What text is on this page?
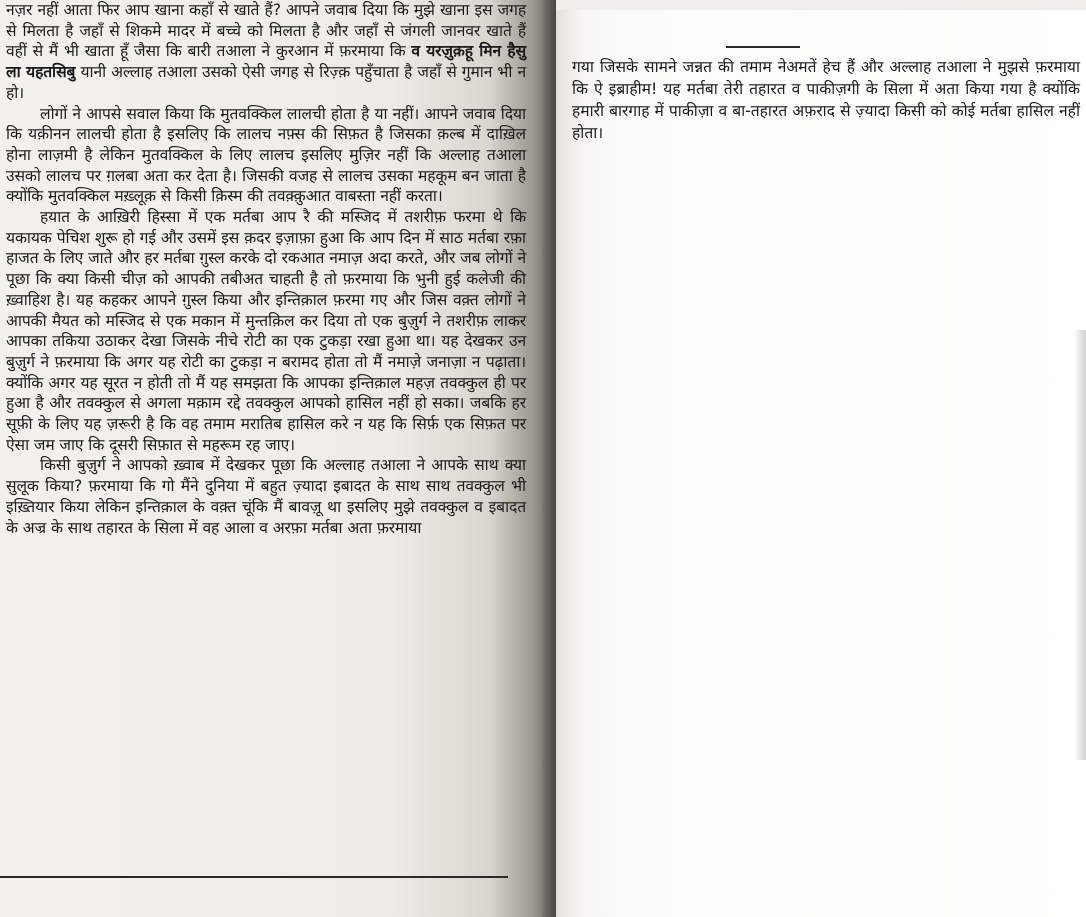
नज़र नहीं आता फिर आप खाना कहाँ से खाते हैं? आपने जवाब दिया कि मुझे खाना इस जगह से मिलता है जहाँ से शिकमे मादर में बच्चे को मिलता है और जहाँ से जंगली जानवर खाते हैं वहीं से मैं भी खाता हूँ जैसा कि बारी तआला ने कुरआन में फ़रमाया कि व यरज़ुक़हू मिन हैसु ला यहतसिबु यानी अल्लाह तआला उसको ऐसी जगह से रिज़्क़ पहुँचाता है जहाँ से गुमान भी न हो।

लोगों ने आपसे सवाल किया कि मुतवक्किल लालची होता है या नहीं। आपने जवाब दिया कि यक़ीनन लालची होता है इसलिए कि लालच नफ़्स की सिफ़त है जिसका क़ल्ब में दाख़िल होना लाज़मी है लेकिन मुतवक्किल के लिए लालच इसलिए मुज़िर नहीं कि अल्लाह तआला उसको लालच पर ग़लबा अता कर देता है। जिसकी वजह से लालच उसका महकूम बन जाता है क्योंकि मुतवक्किल मख़्लूक़ से किसी क़िस्म की तवक़्क़ुआत वाबस्ता नहीं करता।

हयात के आख़िरी हिस्सा में एक मर्तबा आप रै की मस्जिद में तशरीफ़ फरमा थे कि यकायक पेचिश शुरू हो गई और उसमें इस क़दर इज़ाफ़ा हुआ कि आप दिन में साठ मर्तबा रफ़ा हाजत के लिए जाते और हर मर्तबा ग़ुस्ल करके दो रकआत नमाज़ अदा करते, और जब लोगों ने पूछा कि क्या किसी चीज़ को आपकी तबीअत चाहती है तो फ़रमाया कि भुनी हुई कलेजी की ख़्वाहिश है। यह कहकर आपने ग़ुस्ल किया और इन्तिक़ाल फ़रमा गए और जिस वक़्त लोगों ने आपकी मैयत को मस्जिद से एक मकान में मुन्तक़िल कर दिया तो एक बुज़ुर्ग ने तशरीफ़ लाकर आपका तकिया उठाकर देखा जिसके नीचे रोटी का एक टुकड़ा रखा हुआ था। यह देखकर उन बुज़ुर्ग ने फ़रमाया कि अगर यह रोटी का टुकड़ा न बरामद होता तो मैं नमाज़े जनाज़ा न पढ़ाता। क्योंकि अगर यह सूरत न होती तो मैं यह समझता कि आपका इन्तिक़ाल महज़ तवक्कुल ही पर हुआ है और तवक्कुल से अगला मक़ाम रद्दे तवक्कुल आपको हासिल नहीं हो सका। जबकि हर सूफ़ी के लिए यह ज़रूरी है कि वह तमाम मरातिब हासिल करे न यह कि सिर्फ़ एक सिफ़त पर ऐसा जम जाए कि दूसरी सिफ़ात से महरूम रह जाए।

किसी बुज़ुर्ग ने आपको ख़्वाब में देखकर पूछा कि अल्लाह तआला ने आपके साथ क्या सुलूक किया? फ़रमाया कि गो मैंने दुनिया में बहुत ज़्यादा इबादत के साथ साथ तवक्कुल भी इख़्तियार किया लेकिन इन्तिक़ाल के वक़्त चूंकि मैं बावज़ू था इसलिए मुझे तवक्कुल व इबादत के अज्र के साथ तहारत के सिला में वह आला व अरफ़ा मर्तबा अता फ़रमाया

गया जिसके सामने जन्नत की तमाम नेअमतें हेच हैं और अल्लाह तआला ने मुझसे फ़रमाया कि ऐ इब्राहीम! यह मर्तबा तेरी तहारत व पाकीज़गी के सिला में अता किया गया है क्योंकि हमारी बारगाह में पाकीज़ा व बा-तहारत अफ़राद से ज़्यादा किसी को कोई मर्तबा हासिल नहीं होता।
